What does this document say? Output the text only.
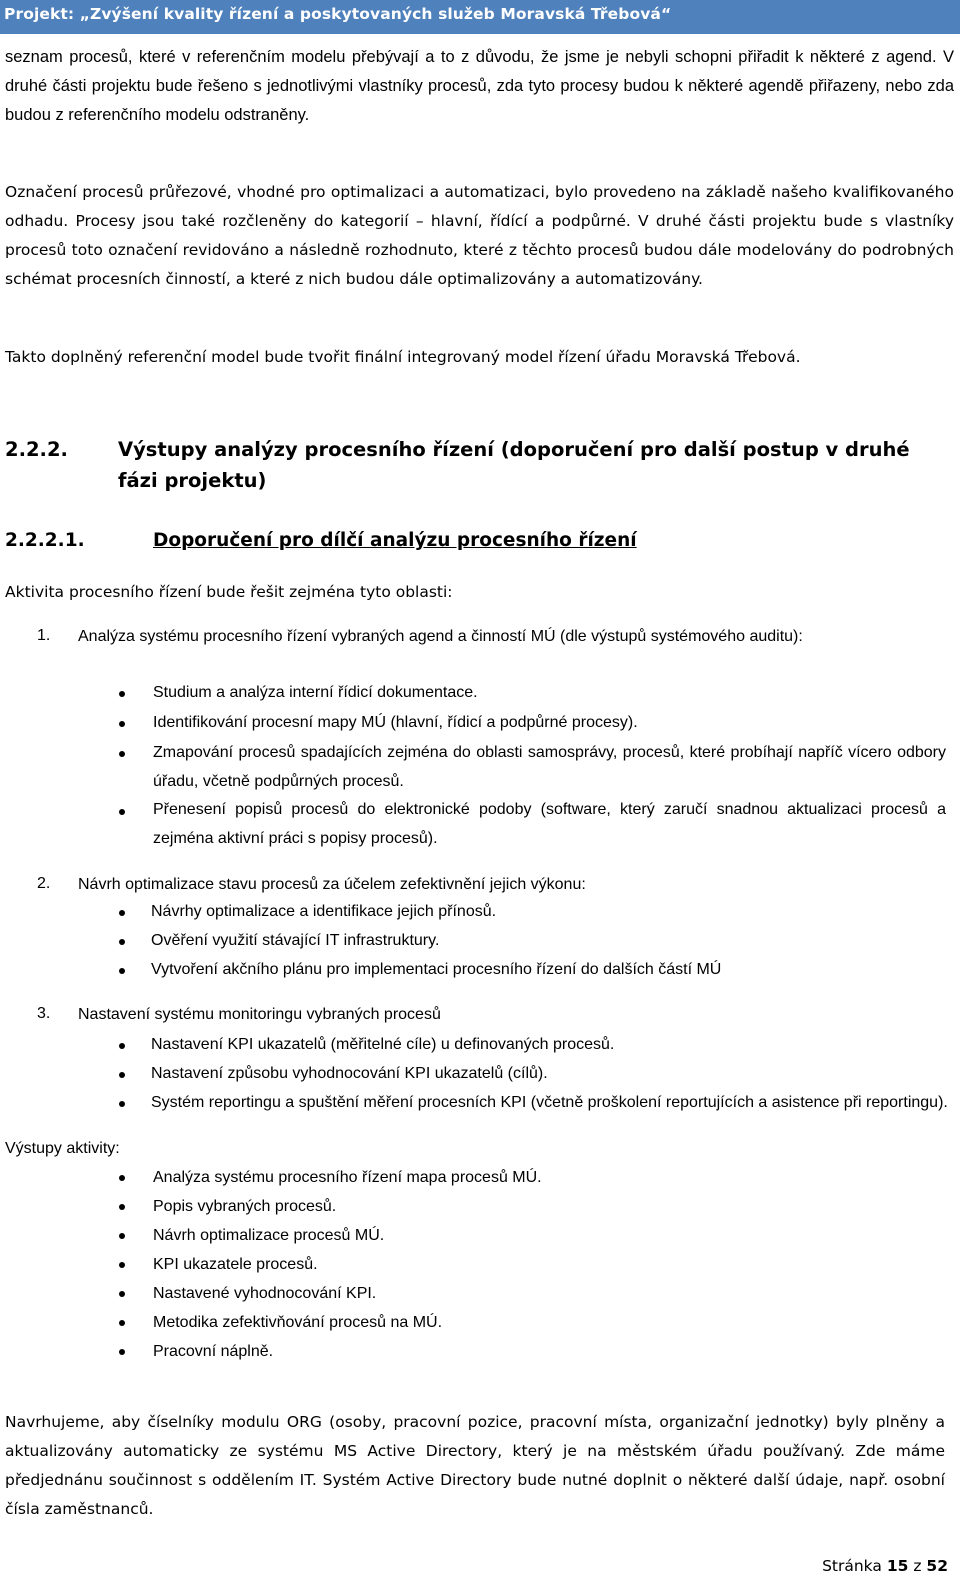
Projekt: „Zvýšení kvality řízení a poskytovaných služeb Moravská Třebová“

seznam procesů, které v referenčním modelu přebývají a to z důvodu, že jsme je nebyli schopni přiřadit k některé z agend. V druhé části projektu bude řešeno s jednotlivými vlastníky procesů, zda tyto procesy budou k některé agendě přiřazeny, nebo zda budou z referenčního modelu odstraněny.

Označení procesů průřezové, vhodné pro optimalizaci a automatizaci, bylo provedeno na základě našeho kvalifikovaného odhadu. Procesy jsou také rozčleněny do kategorií – hlavní, řídící a podpůrné. V druhé části projektu bude s vlastníky procesů toto označení revidováno a následně rozhodnuto, které z těchto procesů budou dále modelovány do podrobných schémat procesních činností, a které z nich budou dále optimalizovány a automatizovány.

Takto doplněný referenční model bude tvořit finální integrovaný model řízení úřadu Moravská Třebová.

2.2.2.	Výstupy analýzy procesního řízení (doporučení pro další postup v druhé fázi projektu)
2.2.2.1.	Doporučení pro dílčí analýzu procesního řízení
Aktivita procesního řízení bude řešit zejména tyto oblasti:
1. Analýza systému procesního řízení vybraných agend a činností MÚ (dle výstupů systémového auditu):
Studium a analýza interní řídicí dokumentace.
Identifikování procesní mapy MÚ (hlavní, řídicí a podpůrné procesy).
Zmapování procesů spadajících zejména do oblasti samosprávy, procesů, které probíhají napříč vícero odbory úřadu, včetně podpůrných procesů.
Přenesení popisů procesů do elektronické podoby (software, který zaručí snadnou aktualizaci procesů a zejména aktivní práci s popisy procesů).
2. Návrh optimalizace stavu procesů za účelem zefektivnění jejich výkonu:
Návrhy optimalizace a identifikace jejich přínosů.
Ověření využití stávající IT infrastruktury.
Vytvoření akčního plánu pro implementaci procesního řízení do dalších částí MÚ
3. Nastavení systému monitoringu vybraných procesů
Nastavení KPI ukazatelů (měřitelné cíle) u definovaných procesů.
Nastavení způsobu vyhodnocování KPI ukazatelů (cílů).
Systém reportingu a spuštění měření procesních KPI (včetně proškolení reportujících a asistence při reportingu).
Výstupy aktivity:
Analýza systému procesního řízení mapa procesů MÚ.
Popis vybraných procesů.
Návrh optimalizace procesů MÚ.
KPI ukazatele procesů.
Nastavené vyhodnocování KPI.
Metodika zefektivňování procesů na MÚ.
Pracovní náplně.

Navrhujeme, aby číselníky modulu ORG (osoby, pracovní pozice, pracovní místa, organizační jednotky) byly plněny a aktualizovány automaticky ze systému MS Active Directory, který je na městském úřadu používaný. Zde máme předjednánu součinnost s oddělením IT. Systém Active Directory bude nutné doplnit o některé další údaje, např. osobní čísla zaměstnanců.

Stránka 15 z 52
